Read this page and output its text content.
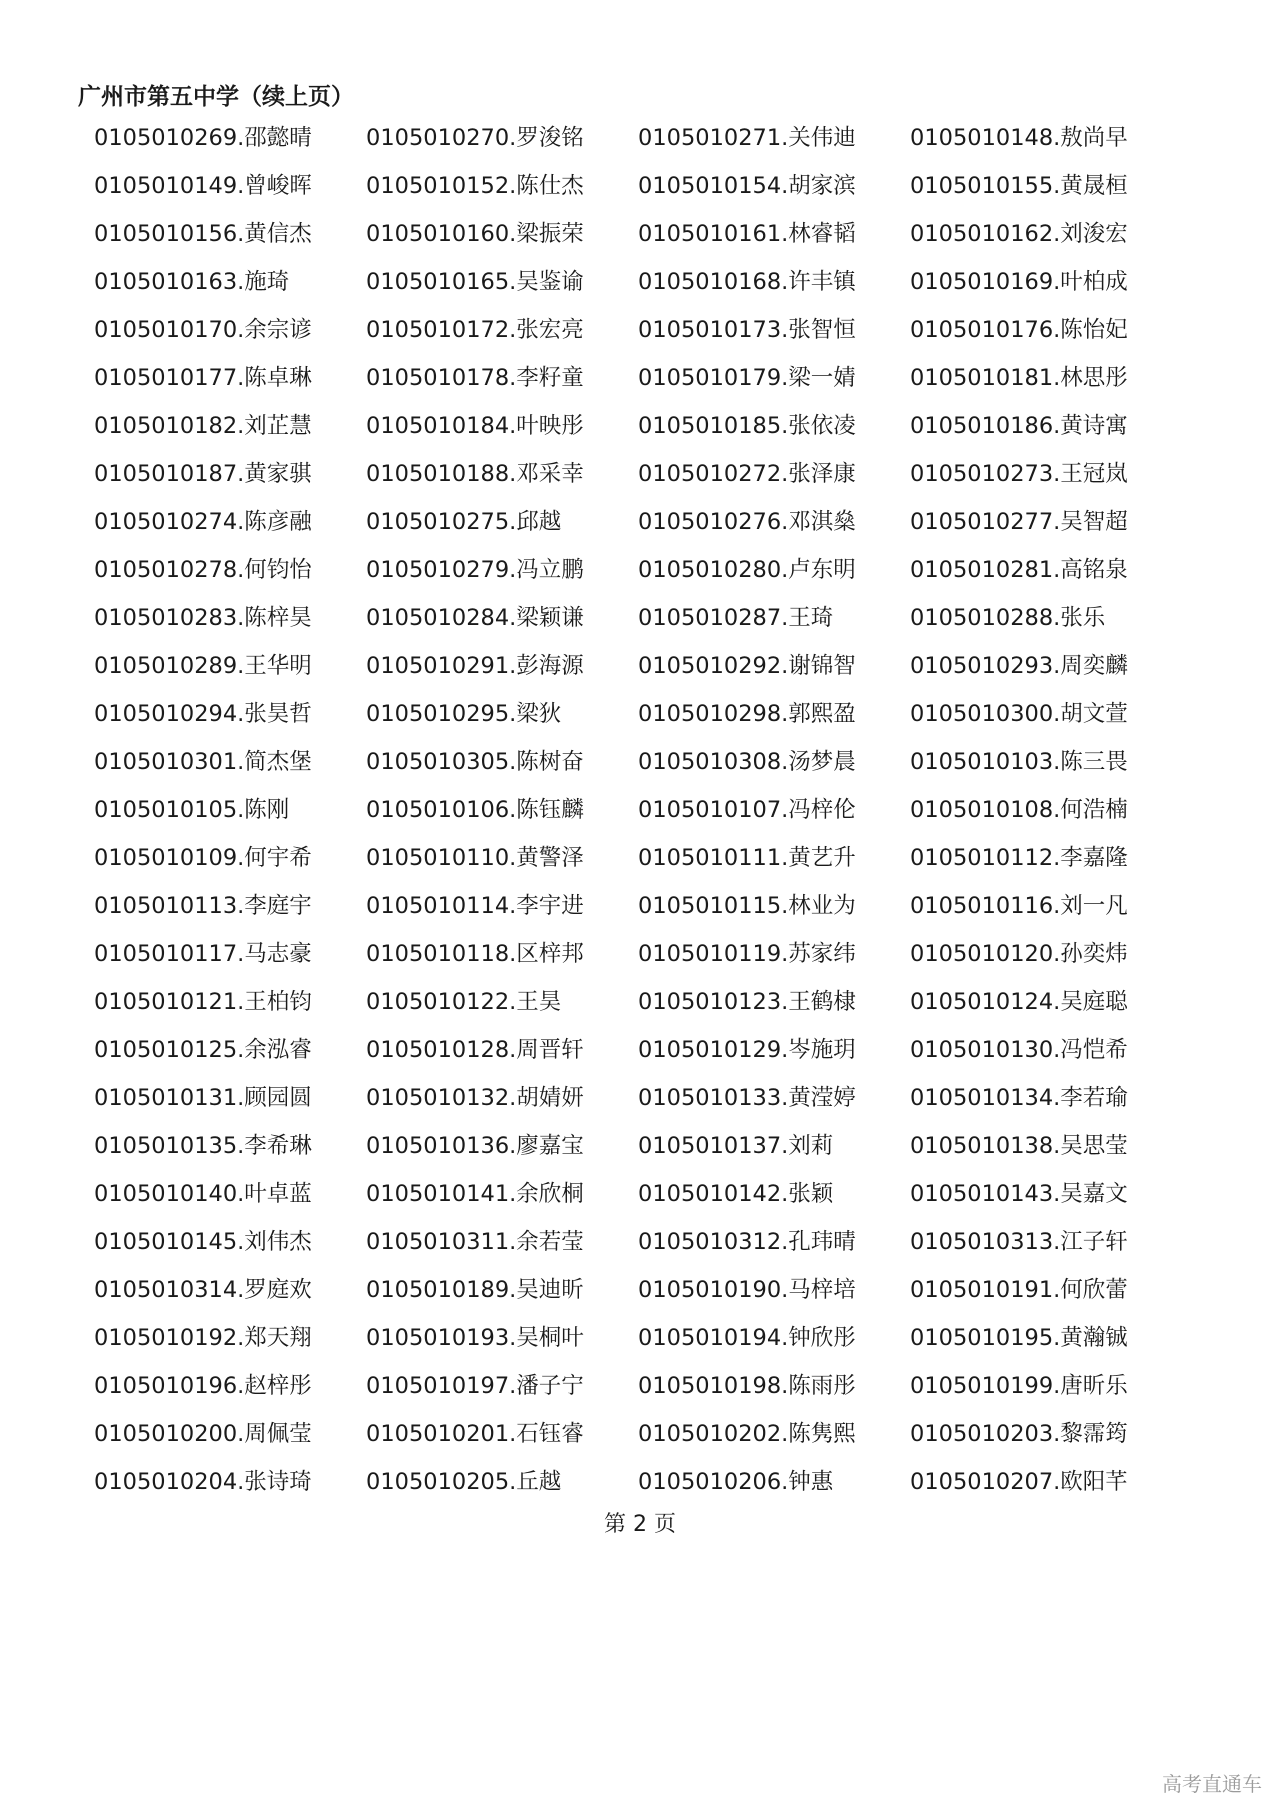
广州市第五中学（续上页）
0105010269.邵懿晴	0105010270.罗浚铭	0105010271.关伟迪	0105010148.敖尚早
0105010149.曾峻晖	0105010152.陈仕杰	0105010154.胡家滨	0105010155.黄晟桓
0105010156.黄信杰	0105010160.梁振荣	0105010161.林睿韬	0105010162.刘浚宏
0105010163.施琦	0105010165.吴鉴谕	0105010168.许丰镇	0105010169.叶柏成
0105010170.余宗谚	0105010172.张宏亮	0105010173.张智恒	0105010176.陈怡妃
0105010177.陈卓琳	0105010178.李籽童	0105010179.梁一婧	0105010181.林思彤
0105010182.刘芷慧	0105010184.叶映彤	0105010185.张依凌	0105010186.黄诗寓
0105010187.黄家骐	0105010188.邓采幸	0105010272.张泽康	0105010273.王冠岚
0105010274.陈彦融	0105010275.邱越	0105010276.邓淇燊	0105010277.吴智超
0105010278.何钧怡	0105010279.冯立鹏	0105010280.卢东明	0105010281.高铭泉
0105010283.陈梓昊	0105010284.梁颖谦	0105010287.王琦	0105010288.张乐
0105010289.王华明	0105010291.彭海源	0105010292.谢锦智	0105010293.周奕麟
0105010294.张昊哲	0105010295.梁狄	0105010298.郭熙盈	0105010300.胡文萱
0105010301.简杰堡	0105010305.陈树奋	0105010308.汤梦晨	0105010103.陈三畏
0105010105.陈刚	0105010106.陈钰麟	0105010107.冯梓伦	0105010108.何浩楠
0105010109.何宇希	0105010110.黄警泽	0105010111.黄艺升	0105010112.李嘉隆
0105010113.李庭宇	0105010114.李宇进	0105010115.林业为	0105010116.刘一凡
0105010117.马志豪	0105010118.区梓邦	0105010119.苏家纬	0105010120.孙奕炜
0105010121.王柏钧	0105010122.王昊	0105010123.王鹤棣	0105010124.吴庭聪
0105010125.余泓睿	0105010128.周晋轩	0105010129.岑施玥	0105010130.冯恺希
0105010131.顾园圆	0105010132.胡婧妍	0105010133.黄滢婷	0105010134.李若瑜
0105010135.李希琳	0105010136.廖嘉宝	0105010137.刘莉	0105010138.吴思莹
0105010140.叶卓蓝	0105010141.余欣桐	0105010142.张颖	0105010143.吴嘉文
0105010145.刘伟杰	0105010311.余若莹	0105010312.孔玮晴	0105010313.江子轩
0105010314.罗庭欢	0105010189.吴迪昕	0105010190.马梓培	0105010191.何欣蕾
0105010192.郑天翔	0105010193.吴桐叶	0105010194.钟欣彤	0105010195.黄瀚铖
0105010196.赵梓彤	0105010197.潘子宁	0105010198.陈雨彤	0105010199.唐昕乐
0105010200.周佩莹	0105010201.石钰睿	0105010202.陈隽熙	0105010203.黎霈筠
0105010204.张诗琦	0105010205.丘越	0105010206.钟惠	0105010207.欧阳芊
第 2 页
高考直通车
